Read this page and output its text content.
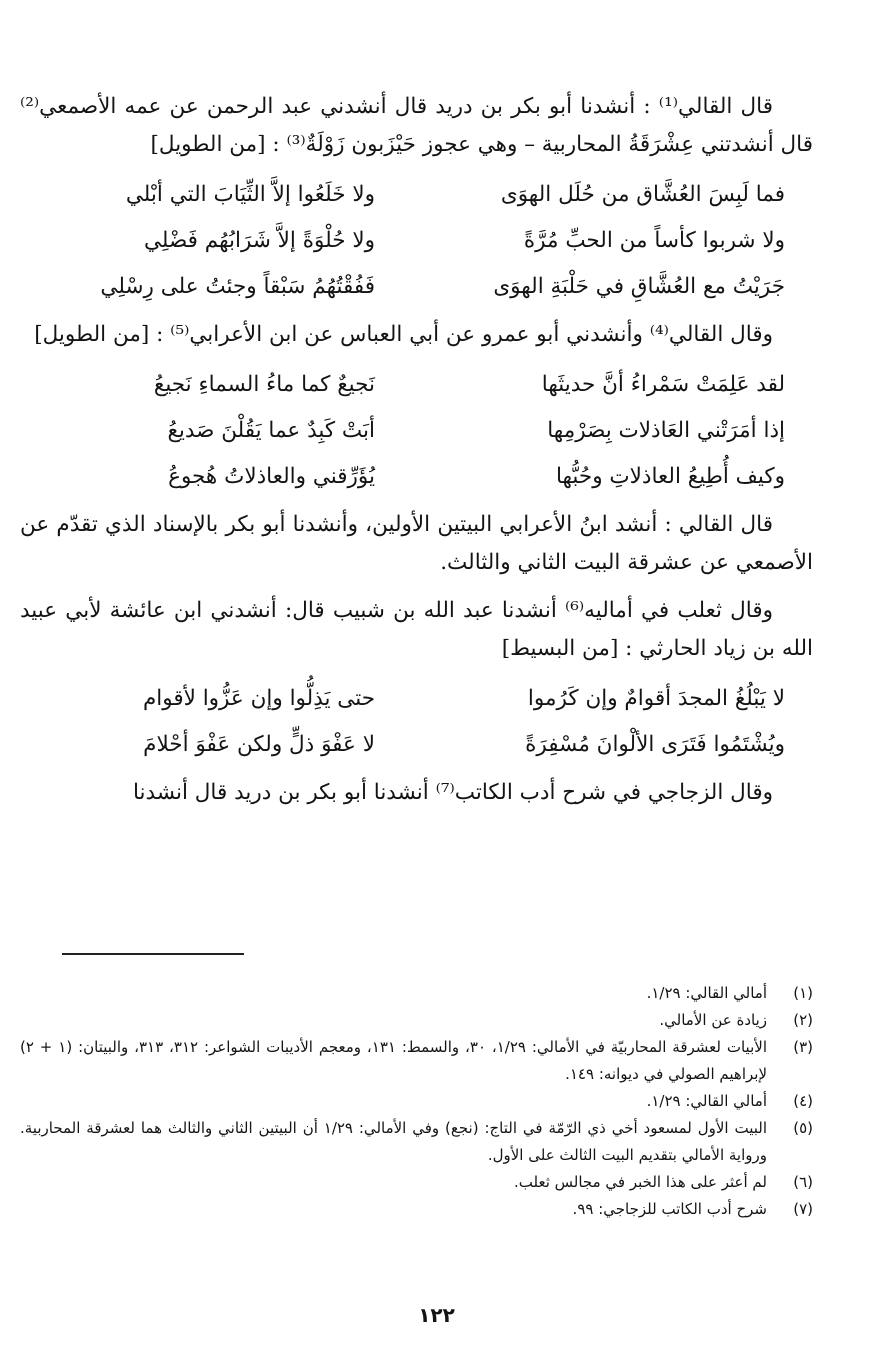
قال القالي⁽¹⁾ : أنشدنا أبو بكر بن دريد قال أنشدني عبد الرحمن عن عمه الأصمعي⁽²⁾ قال أنشدتني عِشْرَقَةُ المحاربية – وهي عجوز حَيْزَبون زَوْلَةٌ⁽³⁾ : [من الطويل]

فما لَبِسَ العُشَّاق من حُلَل الهوَى
ولا خَلَعُوا إلاَّ الثِّيَابَ التي أبْلي
ولا شربوا كأساً من الحبِّ مُرَّةً
ولا حُلْوَةً إلاَّ شَرَابُهُم فَضْلِي
جَرَيْتُ مع العُشَّاقِ في حَلْبَةِ الهوَى
فَفُقْتُهُمُ سَبْقاً وجئتُ على رِسْلِي

وقال القالي⁽⁴⁾ وأنشدني أبو عمرو عن أبي العباس عن ابن الأعرابي⁽⁵⁾ : [من الطويل]

لقد عَلِمَتْ سَمْراءُ أنَّ حديثَها
نَجيعٌ كما ماءُ السماءِ نَجيعُ
إذا أمَرَتْني العَاذلات بِصَرْمِها
أبَتْ كَبِدٌ عما يَقُلْنَ صَديعُ
وكيف أُطِيعُ العاذلاتِ وحُبُّها
يُؤَرِّقني والعاذلاتُ هُجوعُ

قال القالي : أنشد ابنُ الأعرابي البيتين الأولين، وأنشدنا أبو بكر بالإسناد الذي تقدّم عن الأصمعي عن عشرقة البيت الثاني والثالث.

وقال ثعلب في أماليه⁽⁶⁾ أنشدنا عبد الله بن شبيب قال: أنشدني ابن عائشة لأبي عبيد الله بن زياد الحارثي : [من البسيط]

لا يَبْلُغُ المجدَ أقوامٌ وإن كَرُموا
حتى يَذِلُّوا وإن عَزُّوا لأقوام
ويُشْتَمُوا فَتَرَى الألْوانَ مُسْفِرَةً
لا عَفْوَ ذلٍّ ولكن عَفْوَ أحْلامَ

وقال الزجاجي في شرح أدب الكاتب⁽⁷⁾ أنشدنا أبو بكر بن دريد قال أنشدنا

(١)
أمالي القالي: ١/٢٩.
(٢)
زيادة عن الأمالي.
(٣)
الأبيات لعشرقة المحاربيّة في الأمالي: ١/٢٩، ٣٠، والسمط: ١٣١، ومعجم الأديبات الشواعر: ٣١٢، ٣١٣، والبيتان: (١ + ٢) لإبراهيم الصولي في ديوانه: ١٤٩.
(٤)
أمالي القالي: ١/٢٩.
(٥)
البيت الأول لمسعود أخي ذي الرّمّة في التاج: (نجع) وفي الأمالي: ١/٢٩ أن البيتين الثاني والثالث هما لعشرقة المحاربية. ورواية الأمالي بتقديم البيت الثالث على الأول.
(٦)
لم أعثر على هذا الخبر في مجالس ثعلب.
(٧)
شرح أدب الكاتب للزجاجي: ٩٩.
١٢٢
